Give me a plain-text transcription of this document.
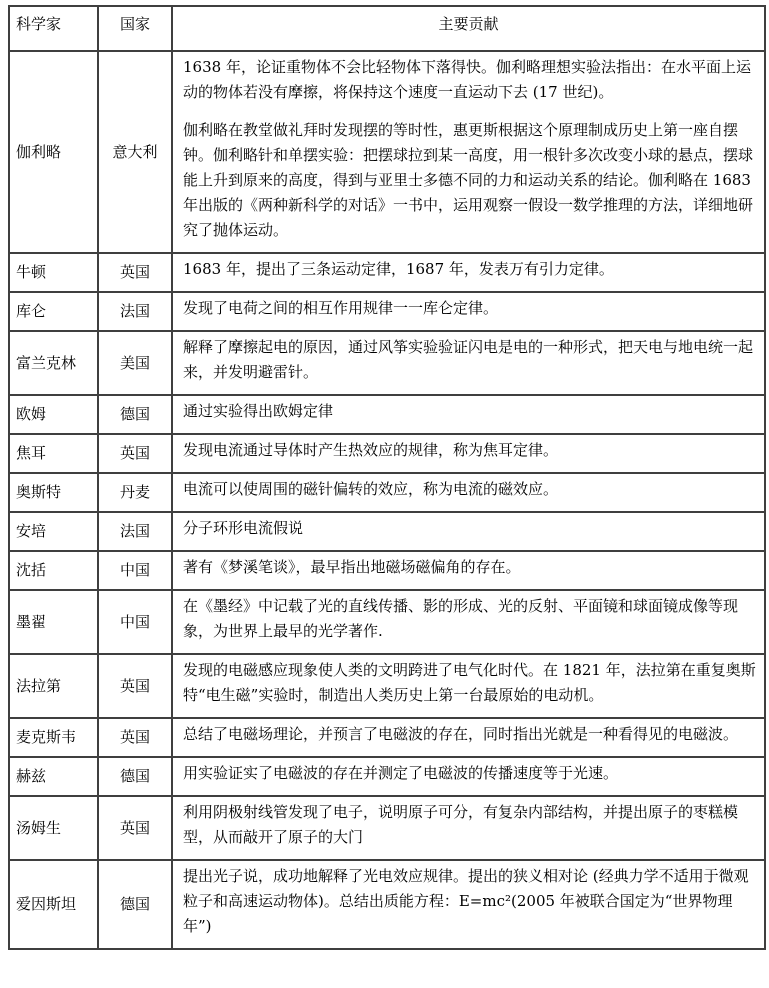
科学家	国家	主要贡献
伽利略	意大利	1638 年，论证重物体不会比轻物体下落得快。伽利略理想实验法指出：在水平面上运动的物体若没有摩擦，将保持这个速度一直运动下去 (17 世纪)。

伽利略在教堂做礼拜时发现摆的等时性，惠更斯根据这个原理制成历史上第一座自摆钟。伽利略针和单摆实验：把摆球拉到某一高度，用一根针多次改变小球的悬点，摆球能上升到原来的高度，得到与亚里士多德不同的力和运动关系的结论。伽利略在 1683 年出版的《两种新科学的对话》一书中，运用观察一假设一数学推理的方法，详细地研究了抛体运动。

牛顿	英国	1683 年，提出了三条运动定律，1687 年，发表万有引力定律。

库仑	法国	发现了电荷之间的相互作用规律一一库仑定律。

富兰克林	美国	解释了摩擦起电的原因，通过风筝实验验证闪电是电的一种形式，把天电与地电统一起来，并发明避雷针。

欧姆	德国	通过实验得出欧姆定律

焦耳	英国	发现电流通过导体时产生热效应的规律，称为焦耳定律。

奥斯特	丹麦	电流可以使周围的磁针偏转的效应，称为电流的磁效应。

安培	法国	分子环形电流假说

沈括	中国	著有《梦溪笔谈》，最早指出地磁场磁偏角的存在。

墨翟	中国	在《墨经》中记载了光的直线传播、影的形成、光的反射、平面镜和球面镜成像等现象，为世界上最早的光学著作.

法拉第	英国	发现的电磁感应现象使人类的文明跨进了电气化时代。在 1821 年，法拉第在重复奥斯特“电生磁”实验时，制造出人类历史上第一台最原始的电动机。

麦克斯韦	英国	总结了电磁场理论，并预言了电磁波的存在，同时指出光就是一种看得见的电磁波。

赫兹	德国	用实验证实了电磁波的存在并测定了电磁波的传播速度等于光速。

汤姆生	英国	利用阴极射线管发现了电子，说明原子可分，有复杂内部结构，并提出原子的枣糕模型，从而敲开了原子的大门

爱因斯坦	德国	提出光子说，成功地解释了光电效应规律。提出的狭义相对论 (经典力学不适用于微观粒子和高速运动物体)。总结出质能方程：E=mc²(2005 年被联合国定为“世界物理年”)
